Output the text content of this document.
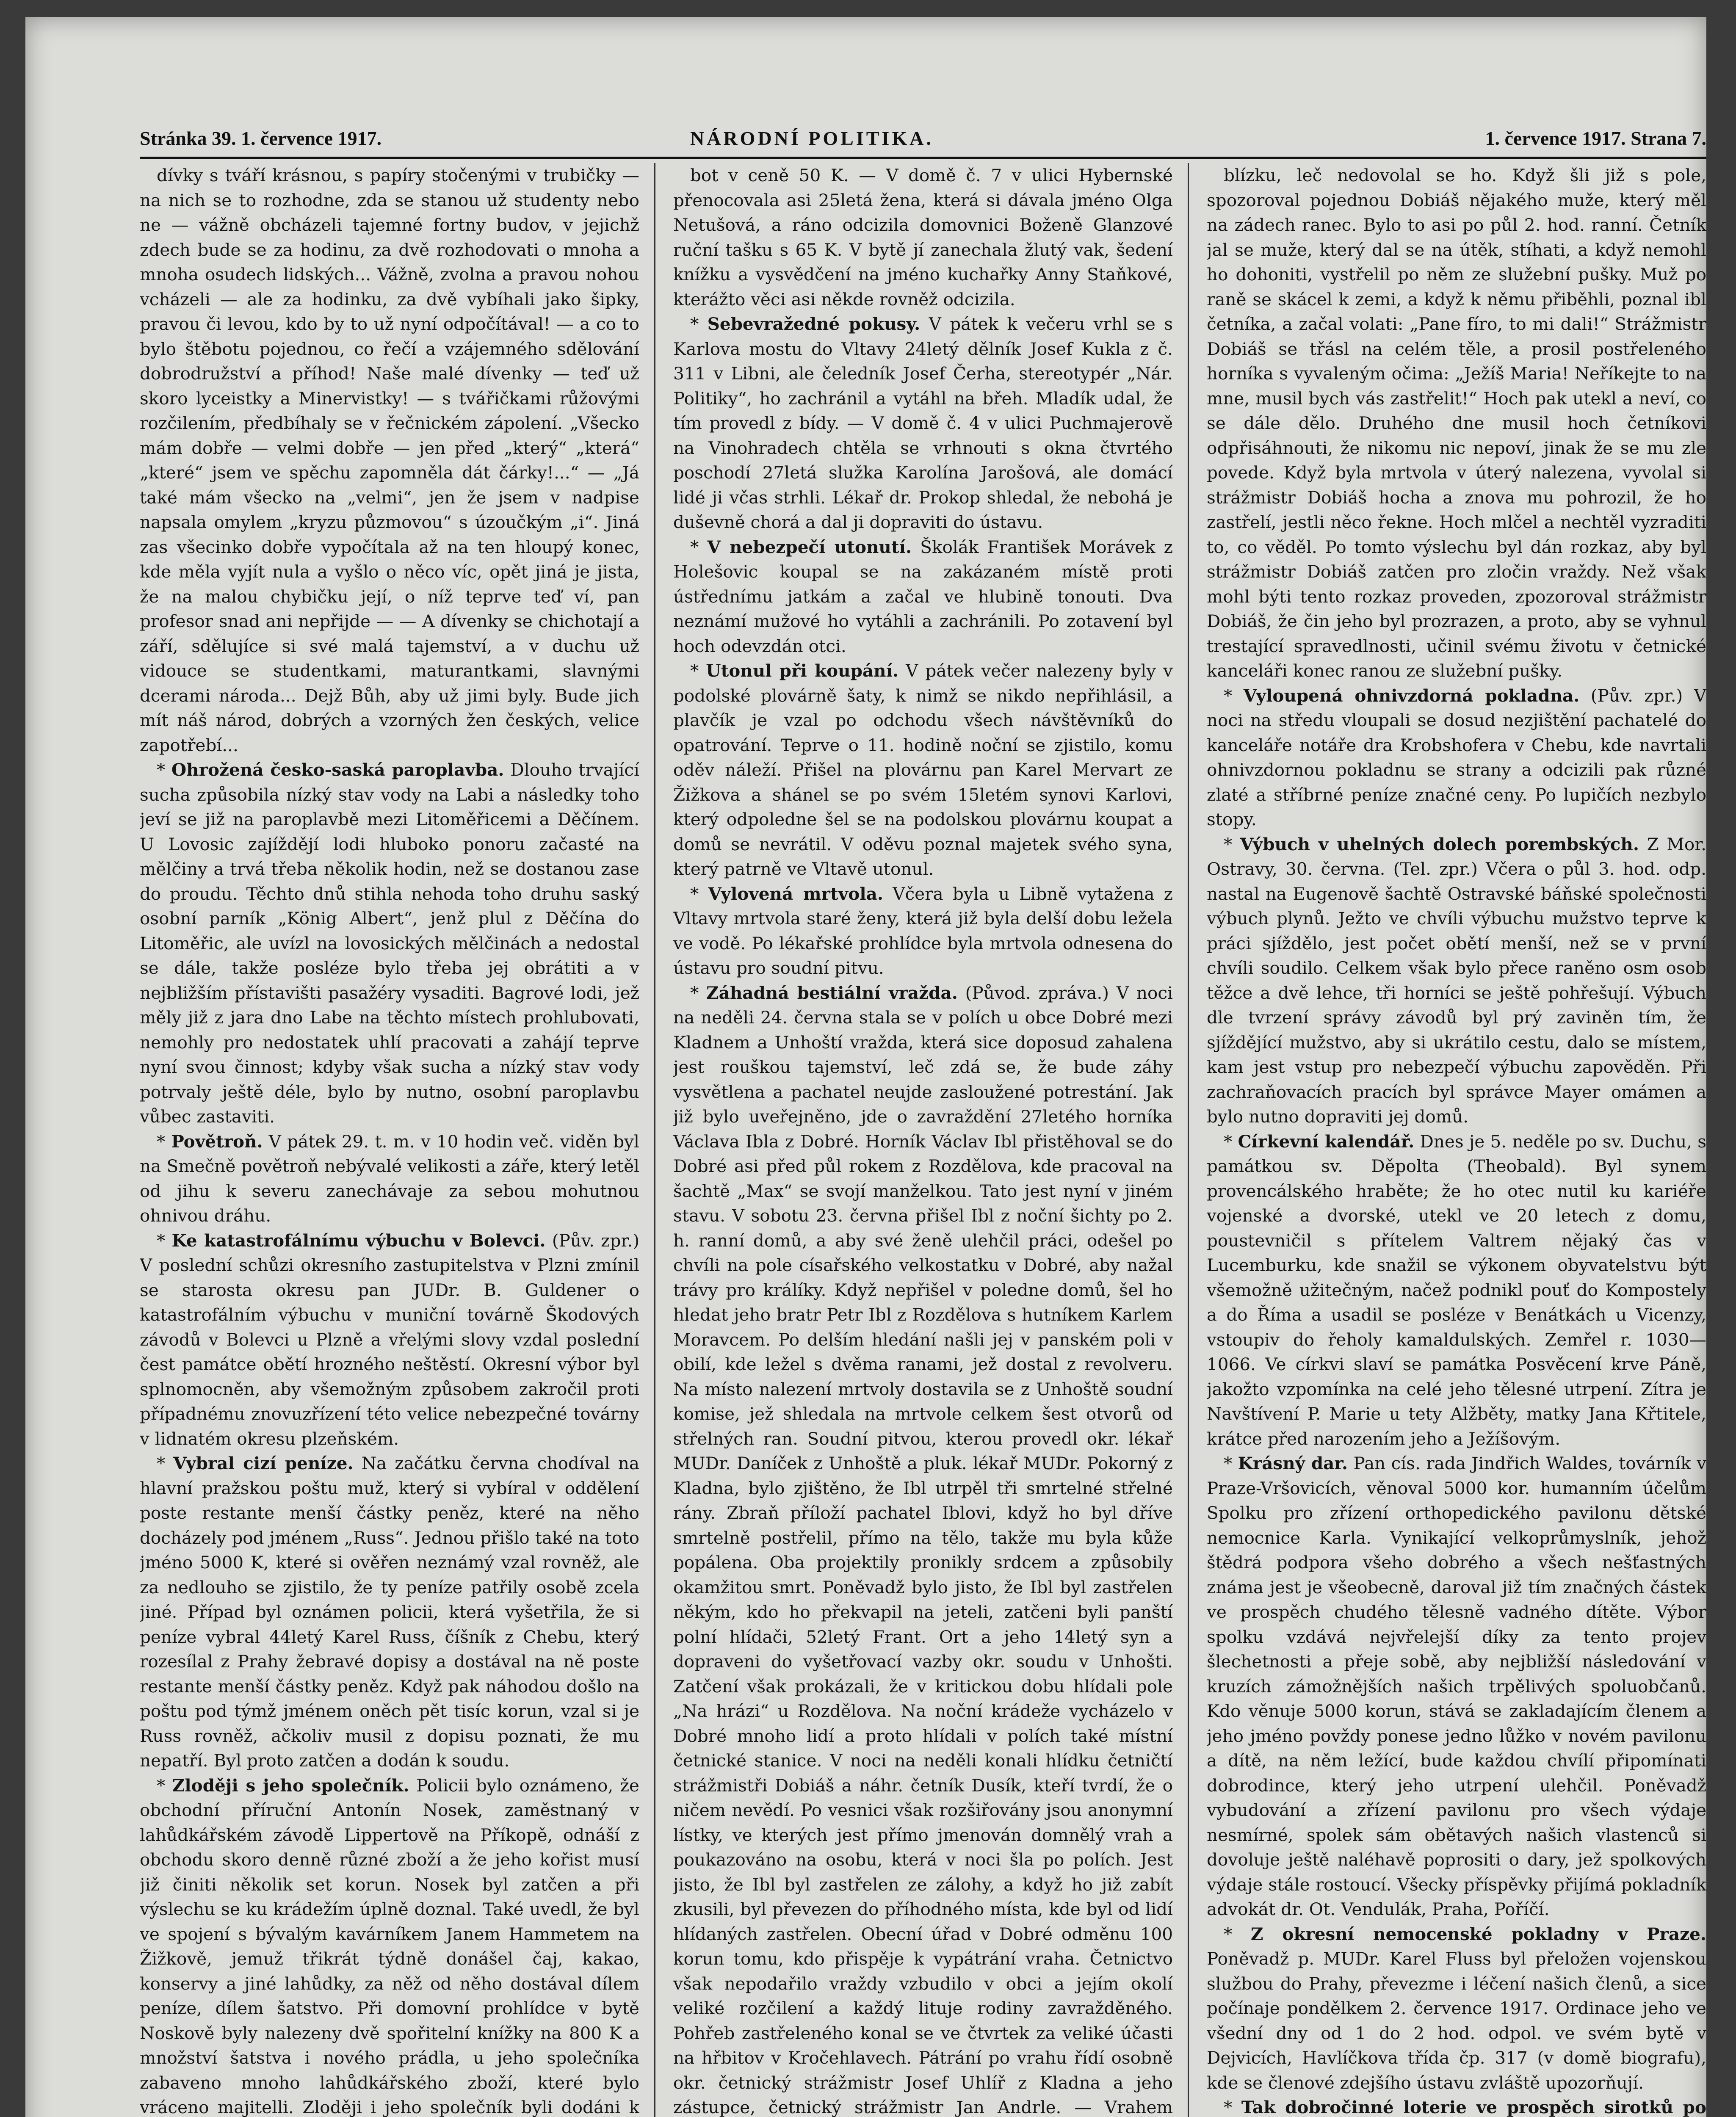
Stránka 39. 1. července 1917.	NÁRODNÍ POLITIKA.	1. července 1917. Strana 7.

dívky s tváří krásnou, s papíry stočenými v trubičky — na nich se to rozhodne, zda se stanou už studenty nebo ne — vážně obcházeli tajemné fortny budov, v jejichž zdech bude se za hodinu, za dvě rozhodovati o mnoha a mnoha osudech lidských... Vážně, zvolna a pravou nohou vcházeli — ale za hodinku, za dvě vybíhali jako šipky, pravou či levou, kdo by to už nyní odpočítával! — a co to bylo štěbotu pojednou, co řečí a vzájemného sdělování dobrodružství a příhod! Naše malé dívenky — teď už skoro lyceistky a Minervistky! — s tvářičkami růžovými rozčilením, předbíhaly se v řečnickém zápolení. „Všecko mám dobře — velmi dobře — jen před „který“ „která“ „které“ jsem ve spěchu zapomněla dát čárky!...“ — „Já také mám všecko na „velmi“, jen že jsem v nadpise napsala omylem „kryzu půzmovou“ s úzoučkým „i“. Jiná zas všecinko dobře vypočítala až na ten hloupý konec, kde měla vyjít nula a vyšlo o něco víc, opět jiná je jista, že na malou chybičku její, o níž teprve teď ví, pan profesor snad ani nepřijde — — A dívenky se chichotají a září, sdělujíce si své malá tajemství, a v duchu už vidouce se studentkami, maturantkami, slavnými dcerami národa... Dejž Bůh, aby už jimi byly. Bude jich mít náš národ, dobrých a vzorných žen českých, velice zapotřebí...

* Ohrožená česko-saská paroplavba. Dlouho trvající sucha způsobila nízký stav vody na Labi a následky toho jeví se již na paroplavbě mezi Litoměřicemi a Děčínem. U Lovosic zajíždějí lodi hluboko ponoru začasté na mělčiny a trvá třeba několik hodin, než se dostanou zase do proudu. Těchto dnů stihla nehoda toho druhu saský osobní parník „König Albert“, jenž plul z Děčína do Litoměřic, ale uvízl na lovosických mělčinách a nedostal se dále, takže posléze bylo třeba jej obrátiti a v nejbližším přístavišti pasažéry vysaditi. Bagrové lodi, jež měly již z jara dno Labe na těchto místech prohlubovati, nemohly pro nedostatek uhlí pracovati a zahájí teprve nyní svou činnost; kdyby však sucha a nízký stav vody potrvaly ještě déle, bylo by nutno, osobní paroplavbu vůbec zastaviti.

* Povětroň. V pátek 29. t. m. v 10 hodin več. viděn byl na Smečně povětroň nebývalé velikosti a záře, který letěl od jihu k severu zanechávaje za sebou mohutnou ohnivou dráhu.

* Ke katastrofálnímu výbuchu v Bolevci. (Pův. zpr.) V poslední schůzi okresního zastupitelstva v Plzni zmínil se starosta okresu pan JUDr. B. Guldener o katastrofálním výbuchu v muniční továrně Škodových závodů v Bolevci u Plzně a vřelými slovy vzdal poslední čest památce obětí hrozného neštěstí. Okresní výbor byl splnomocněn, aby všemožným způsobem zakročil proti případnému znovuzřízení této velice nebezpečné továrny v lidnatém okresu plzeňském.

* Vybral cizí peníze. Na začátku června chodíval na hlavní pražskou poštu muž, který si vybíral v oddělení poste restante menší částky peněz, které na něho docházely pod jménem „Russ“. Jednou přišlo také na toto jméno 5000 K, které si ověřen neznámý vzal rovněž, ale za nedlouho se zjistilo, že ty peníze patřily osobě zcela jiné. Případ byl oznámen policii, která vyšetřila, že si peníze vybral 44letý Karel Russ, číšník z Chebu, který rozesílal z Prahy žebravé dopisy a dostával na ně poste restante menší částky peněz. Když pak náhodou došlo na poštu pod týmž jménem oněch pět tisíc korun, vzal si je Russ rovněž, ačkoliv musil z dopisu poznati, že mu nepatří. Byl proto zatčen a dodán k soudu.

* Zloději s jeho společník. Policii bylo oznámeno, že obchodní příruční Antonín Nosek, zaměstnaný v lahůdkářském závodě Lippertově na Příkopě, odnáší z obchodu skoro denně různé zboží a že jeho kořist musí již činiti několik set korun. Nosek byl zatčen a při výslechu se ku krádežím úplně doznal. Také uvedl, že byl ve spojení s bývalým kavárníkem Janem Hammetem na Žižkově, jemuž třikrát týdně donášel čaj, kakao, konservy a jiné lahůdky, za něž od něho dostával dílem peníze, dílem šatstvo. Při domovní prohlídce v bytě Noskově byly nalezeny dvě spořitelní knížky na 800 K a množství šatstva i nového prádla, u jeho společníka zabaveno mnoho lahůdkářského zboží, které bylo vráceno majitelli. Zloději i jeho společník byli dodáni k

bot v ceně 50 K. — V domě č. 7 v ulici Hybernské přenocovala asi 25letá žena, která si dávala jméno Olga Netušová, a ráno odcizila domovnici Boženě Glanzové ruční tašku s 65 K. V bytě jí zanechala žlutý vak, šedení knížku a vysvědčení na jméno kuchařky Anny Staňkové, kterážto věci asi někde rovněž odcizila.

* Sebevražedné pokusy. V pátek k večeru vrhl se s Karlova mostu do Vltavy 24letý dělník Josef Kukla z č. 311 v Libni, ale čeledník Josef Čerha, stereotypér „Nár. Politiky“, ho zachránil a vytáhl na břeh. Mladík udal, že tím provedl z bídy. — V domě č. 4 v ulici Puchmajerově na Vinohradech chtěla se vrhnouti s okna čtvrtého poschodí 27letá služka Karolína Jarošová, ale domácí lidé ji včas strhli. Lékař dr. Prokop shledal, že nebohá je duševně chorá a dal ji dopraviti do ústavu.

* V nebezpečí utonutí. Školák František Morávek z Holešovic koupal se na zakázaném místě proti ústřednímu jatkám a začal ve hlubině tonouti. Dva neznámí mužové ho vytáhli a zachránili. Po zotavení byl hoch odevzdán otci.

* Utonul při koupání. V pátek večer nalezeny byly v podolské plovárně šaty, k nimž se nikdo nepřihlásil, a plavčík je vzal po odchodu všech návštěvníků do opatrování. Teprve o 11. hodině noční se zjistilo, komu oděv náleží. Přišel na plovárnu pan Karel Mervart ze Žižkova a shánel se po svém 15letém synovi Karlovi, který odpoledne šel se na podolskou plovárnu koupat a domů se nevrátil. V oděvu poznal majetek svého syna, který patrně ve Vltavě utonul.

* Vylovená mrtvola. Včera byla u Libně vytažena z Vltavy mrtvola staré ženy, která již byla delší dobu ležela ve vodě. Po lékařské prohlídce byla mrtvola odnesena do ústavu pro soudní pitvu.

* Záhadná bestiální vražda. (Původ. zpráva.) V noci na neděli 24. června stala se v polích u obce Dobré mezi Kladnem a Unhoští vražda, která sice doposud zahalena jest rouškou tajemství, leč zdá se, že bude záhy vysvětlena a pachatel neujde zasloužené potrestání. Jak již bylo uveřejněno, jde o zavraždění 27letého horníka Václava Ibla z Dobré. Horník Václav Ibl přistěhoval se do Dobré asi před půl rokem z Rozdělova, kde pracoval na šachtě „Max“ se svojí manželkou. Tato jest nyní v jiném stavu. V sobotu 23. června přišel Ibl z noční šichty po 2. h. ranní domů, a aby své ženě ulehčil práci, odešel po chvíli na pole císařského velkostatku v Dobré, aby nažal trávy pro králíky. Když nepřišel v poledne domů, šel ho hledat jeho bratr Petr Ibl z Rozdělova s hutníkem Karlem Moravcem. Po delším hledání našli jej v panském poli v obilí, kde ležel s dvěma ranami, jež dostal z revolveru. Na místo nalezení mrtvoly dostavila se z Unhoště soudní komise, jež shledala na mrtvole celkem šest otvorů od střelných ran. Soudní pitvou, kterou provedl okr. lékař MUDr. Daníček z Unhoště a pluk. lékař MUDr. Pokorný z Kladna, bylo zjištěno, že Ibl utrpěl tři smrtelné střelné rány. Zbraň příloží pachatel Iblovi, když ho byl dříve smrtelně postřelil, přímo na tělo, takže mu byla kůže popálena. Oba projektily pronikly srdcem a způsobily okamžitou smrt. Poněvadž bylo jisto, že Ibl byl zastřelen někým, kdo ho překvapil na jeteli, zatčeni byli panští polní hlídači, 52letý Frant. Ort a jeho 14letý syn a dopraveni do vyšetřovací vazby okr. soudu v Unhošti. Zatčení však prokázali, že v kritickou dobu hlídali pole „Na hrázi“ u Rozdělova. Na noční krádeže vycházelo v Dobré mnoho lidí a proto hlídali v polích také místní četnické stanice. V noci na neděli konali hlídku četničtí strážmistři Dobiáš a náhr. četník Dusík, kteří tvrdí, že o ničem nevědí. Po vesnici však rozšiřovány jsou anonymní lístky, ve kterých jest přímo jmenován domnělý vrah a poukazováno na osobu, která v noci šla po polích. Jest jisto, že Ibl byl zastřelen ze zálohy, a když ho již zabít zkusili, byl převezen do příhodného místa, kde byl od lidí hlídaných zastřelen. Obecní úřad v Dobré odměnu 100 korun tomu, kdo přispěje k vypátrání vraha. Četnictvo však nepodařilo vraždy vzbudilo v obci a jejím okolí veliké rozčilení a každý lituje rodiny zavražděného. Pohřeb zastřeleného konal se ve čtvrtek za veliké účasti na hřbitov v Kročehlavech. Pátrání po vrahu řídí osobně okr. četnický strážmistr Josef Uhlíř z Kladna a jeho zástupce, četnický strážmistr Jan Andrle. — Vrahem

blízku, leč nedovolal se ho. Když šli již s pole, spozoroval pojednou Dobiáš nějakého muže, který měl na zádech ranec. Bylo to asi po půl 2. hod. ranní. Četník jal se muže, který dal se na útěk, stíhati, a když nemohl ho dohoniti, vystřelil po něm ze služební pušky. Muž po raně se skácel k zemi, a když k němu přiběhli, poznal ibl četníka, a začal volati: „Pane fíro, to mi dali!“ Strážmistr Dobiáš se třásl na celém těle, a prosil postřeleného horníka s vyvaleným očima: „Ježíš Maria! Neříkejte to na mne, musil bych vás zastřelit!“ Hoch pak utekl a neví, co se dále dělo. Druhého dne musil hoch četníkovi odpřisáhnouti, že nikomu nic nepoví, jinak že se mu zle povede. Když byla mrtvola v úterý nalezena, vyvolal si strážmistr Dobiáš hocha a znova mu pohrozil, že ho zastřelí, jestli něco řekne. Hoch mlčel a nechtěl vyzraditi to, co věděl. Po tomto výslechu byl dán rozkaz, aby byl strážmistr Dobiáš zatčen pro zločin vraždy. Než však mohl býti tento rozkaz proveden, zpozoroval strážmistr Dobiáš, že čin jeho byl prozrazen, a proto, aby se vyhnul trestající spravedlnosti, učinil svému životu v četnické kanceláři konec ranou ze služební pušky.

* Vyloupená ohnivzdorná pokladna. (Pův. zpr.) V noci na středu vloupali se dosud nezjištění pachatelé do kanceláře notáře dra Krobshofera v Chebu, kde navrtali ohnivzdornou pokladnu se strany a odcizili pak různé zlaté a stříbrné peníze značné ceny. Po lupičích nezbylo stopy.

* Výbuch v uhelných dolech porembských. Z Mor. Ostravy, 30. června. (Tel. zpr.) Včera o půl 3. hod. odp. nastal na Eugenově šachtě Ostravské báňské společnosti výbuch plynů. Ježto ve chvíli výbuchu mužstvo teprve k práci sjíždělo, jest počet obětí menší, než se v první chvíli soudilo. Celkem však bylo přece raněno osm osob těžce a dvě lehce, tři horníci se ještě pohřešují. Výbuch dle tvrzení správy závodů byl prý zaviněn tím, že sjíždějící mužstvo, aby si ukrátilo cestu, dalo se místem, kam jest vstup pro nebezpečí výbuchu zapověděn. Při zachraňovacích pracích byl správce Mayer omámen a bylo nutno dopraviti jej domů.

* Církevní kalendář. Dnes je 5. neděle po sv. Duchu, s památkou sv. Děpolta (Theobald). Byl synem provencálského hraběte; že ho otec nutil ku kariéře vojenské a dvorské, utekl ve 20 letech z domu, poustevničil s přítelem Valtrem nějaký čas v Lucemburku, kde snažil se výkonem obyvatelstvu být všemožně užitečným, načež podnikl pouť do Kompostely a do Říma a usadil se posléze v Benátkách u Vicenzy, vstoupiv do řeholy kamaldulských. Zemřel r. 1030—1066. Ve církvi slaví se památka Posvěcení krve Páně, jakožto vzpomínka na celé jeho tělesné utrpení. Zítra je Navštívení P. Marie u tety Alžběty, matky Jana Křtitele, krátce před narozením jeho a Ježíšovým.

* Krásný dar. Pan cís. rada Jindřich Waldes, továrník v Praze-Vršovicích, věnoval 5000 kor. humanním účelům Spolku pro zřízení orthopedického pavilonu dětské nemocnice Karla. Vynikající velkoprůmyslník, jehož štědrá podpora všeho dobrého a všech nešťastných známa jest je všeobecně, daroval již tím značných částek ve prospěch chudého tělesně vadného dítěte. Výbor spolku vzdává nejvřelejší díky za tento projev šlechetnosti a přeje sobě, aby nejbližší následování v kruzích zámožnějších našich trpělivých spoluobčanů. Kdo věnuje 5000 korun, stává se zakladajícím členem a jeho jméno povždy ponese jedno lůžko v novém pavilonu a dítě, na něm ležící, bude každou chvílí připomínati dobrodince, který jeho utrpení ulehčil. Poněvadž vybudování a zřízení pavilonu pro všech výdaje nesmírné, spolek sám obětavých našich vlastenců si dovoluje ještě naléhavě poprositi o dary, jež spolkových výdaje stále rostoucí. Všecky příspěvky přijímá pokladník advokát dr. Ot. Vendulák, Praha, Poříčí.

* Z okresní nemocenské pokladny v Praze. Poněvadž p. MUDr. Karel Fluss byl přeložen vojenskou službou do Prahy, převezme i léčení našich členů, a sice počínaje pondělkem 2. července 1917. Ordinace jeho ve všední dny od 1 do 2 hod. odpol. ve svém bytě v Dejvicích, Havlíčkova třída čp. 317 (v domě biografu), kde se členové zdejšího ústavu zvláště upozorňují.

* Tak dobročinné loterie ve prospěch sirotků po
